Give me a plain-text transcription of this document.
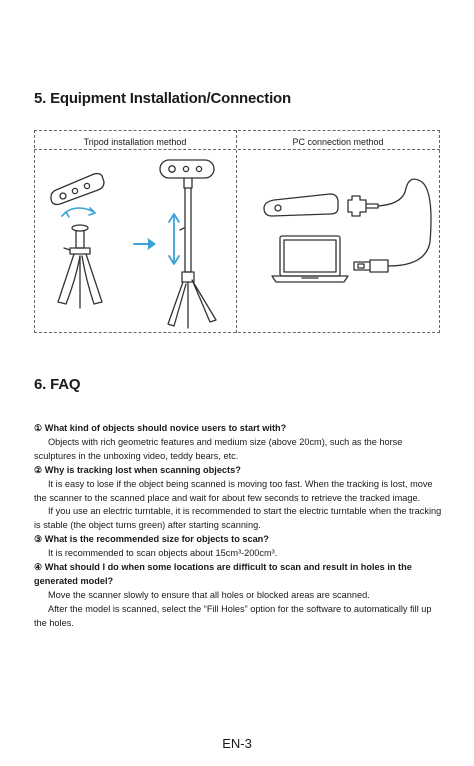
5. Equipment Installation/Connection
Tripod installation method	PC connection method
6. FAQ
① What kind of objects should novice users to start with?
Objects with rich geometric features and medium size (above 20cm), such as the horse sculptures in the unboxing video, teddy bears, etc.
② Why is tracking lost when scanning objects?
It is easy to lose if the object being scanned is moving too fast. When the tracking is lost, move the scanner to the scanned place and wait for about few seconds to retrieve the tracked image.
If you use an electric turntable, it is recommended to start the electric turntable when the tracking is stable (the object turns green) after starting scanning.
③ What is the recommended size for objects to scan?
It is recommended to scan objects about 15cm³-200cm³.
④ What should I do when some locations are difficult to scan and result in holes in the generated model?
Move the scanner slowly to ensure that all holes or blocked areas are scanned.
After the model is scanned, select the “Fill Holes” option for the software to automatically fill up the holes.
EN-3
